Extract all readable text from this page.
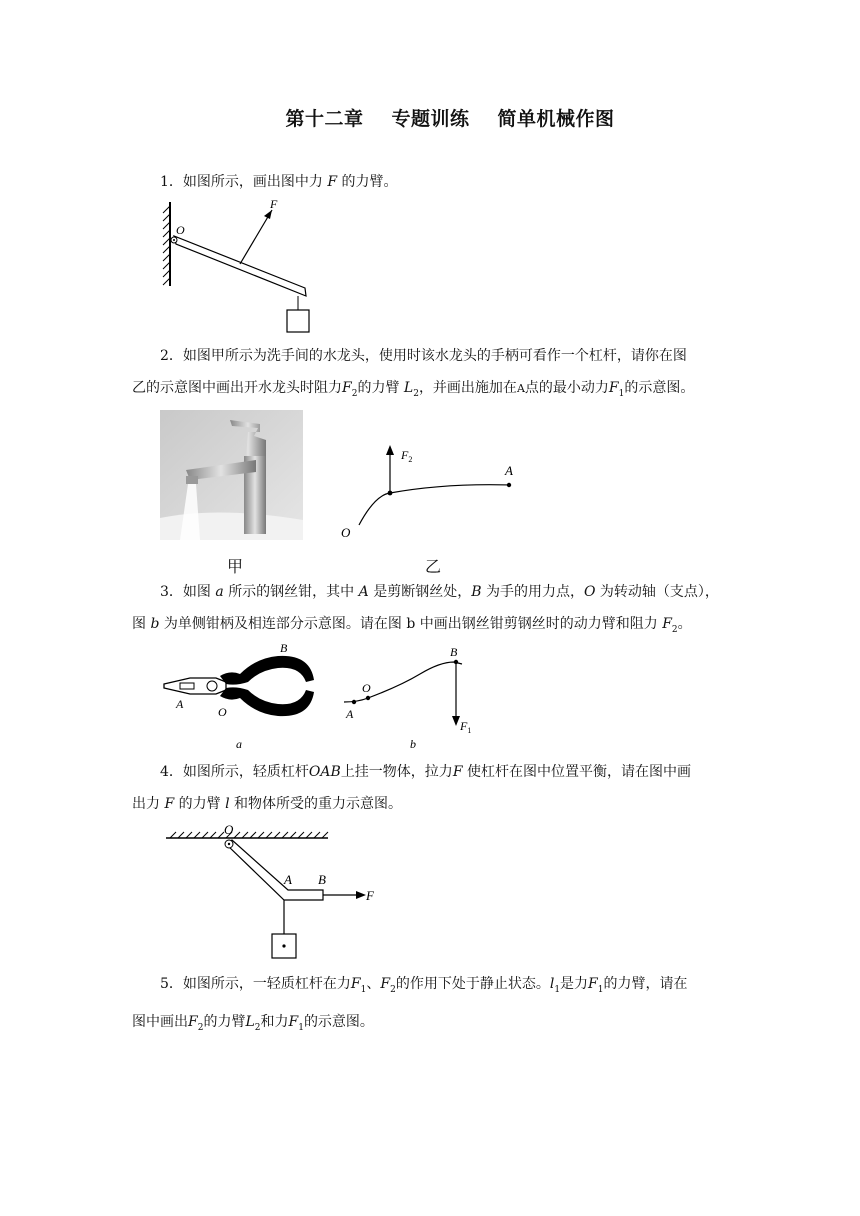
第十二章 专题训练 简单机械作图

1．如图所示，画出图中力 F 的力臂。

O
F

2．如图甲所示为洗手间的水龙头，使用时该水龙头的手柄可看作一个杠杆，请你在图

乙的示意图中画出开水龙头时阻力$F_2$的力臂 $L_2$，并画出施加在A点的最小动力$F_1$的示意图。
甲
$F_2$
A
O
乙

3．如图 a 所示的钢丝钳，其中 A 是剪断钢丝处，B 为手的用力点，O 为转动轴（支点），

图 b 为单侧钳柄及相连部分示意图。请在图 b 中画出钢丝钳剪钢丝时的动力臂和阻力 $F_2$。
B
A
O
a
B
O
A
$F_1$
b

4．如图所示，轻质杠杆OAB上挂一物体，拉力F 使杠杆在图中位置平衡，请在图中画

出力 F 的力臂 l 和物体所受的重力示意图。
O
A B
F

5．如图所示，一轻质杠杆在力$F_1$、$F_2$的作用下处于静止状态。$l_1$是力$F_1$的力臂，请在

图中画出$F_2$的力臂$L_2$和力$F_1$的示意图。
